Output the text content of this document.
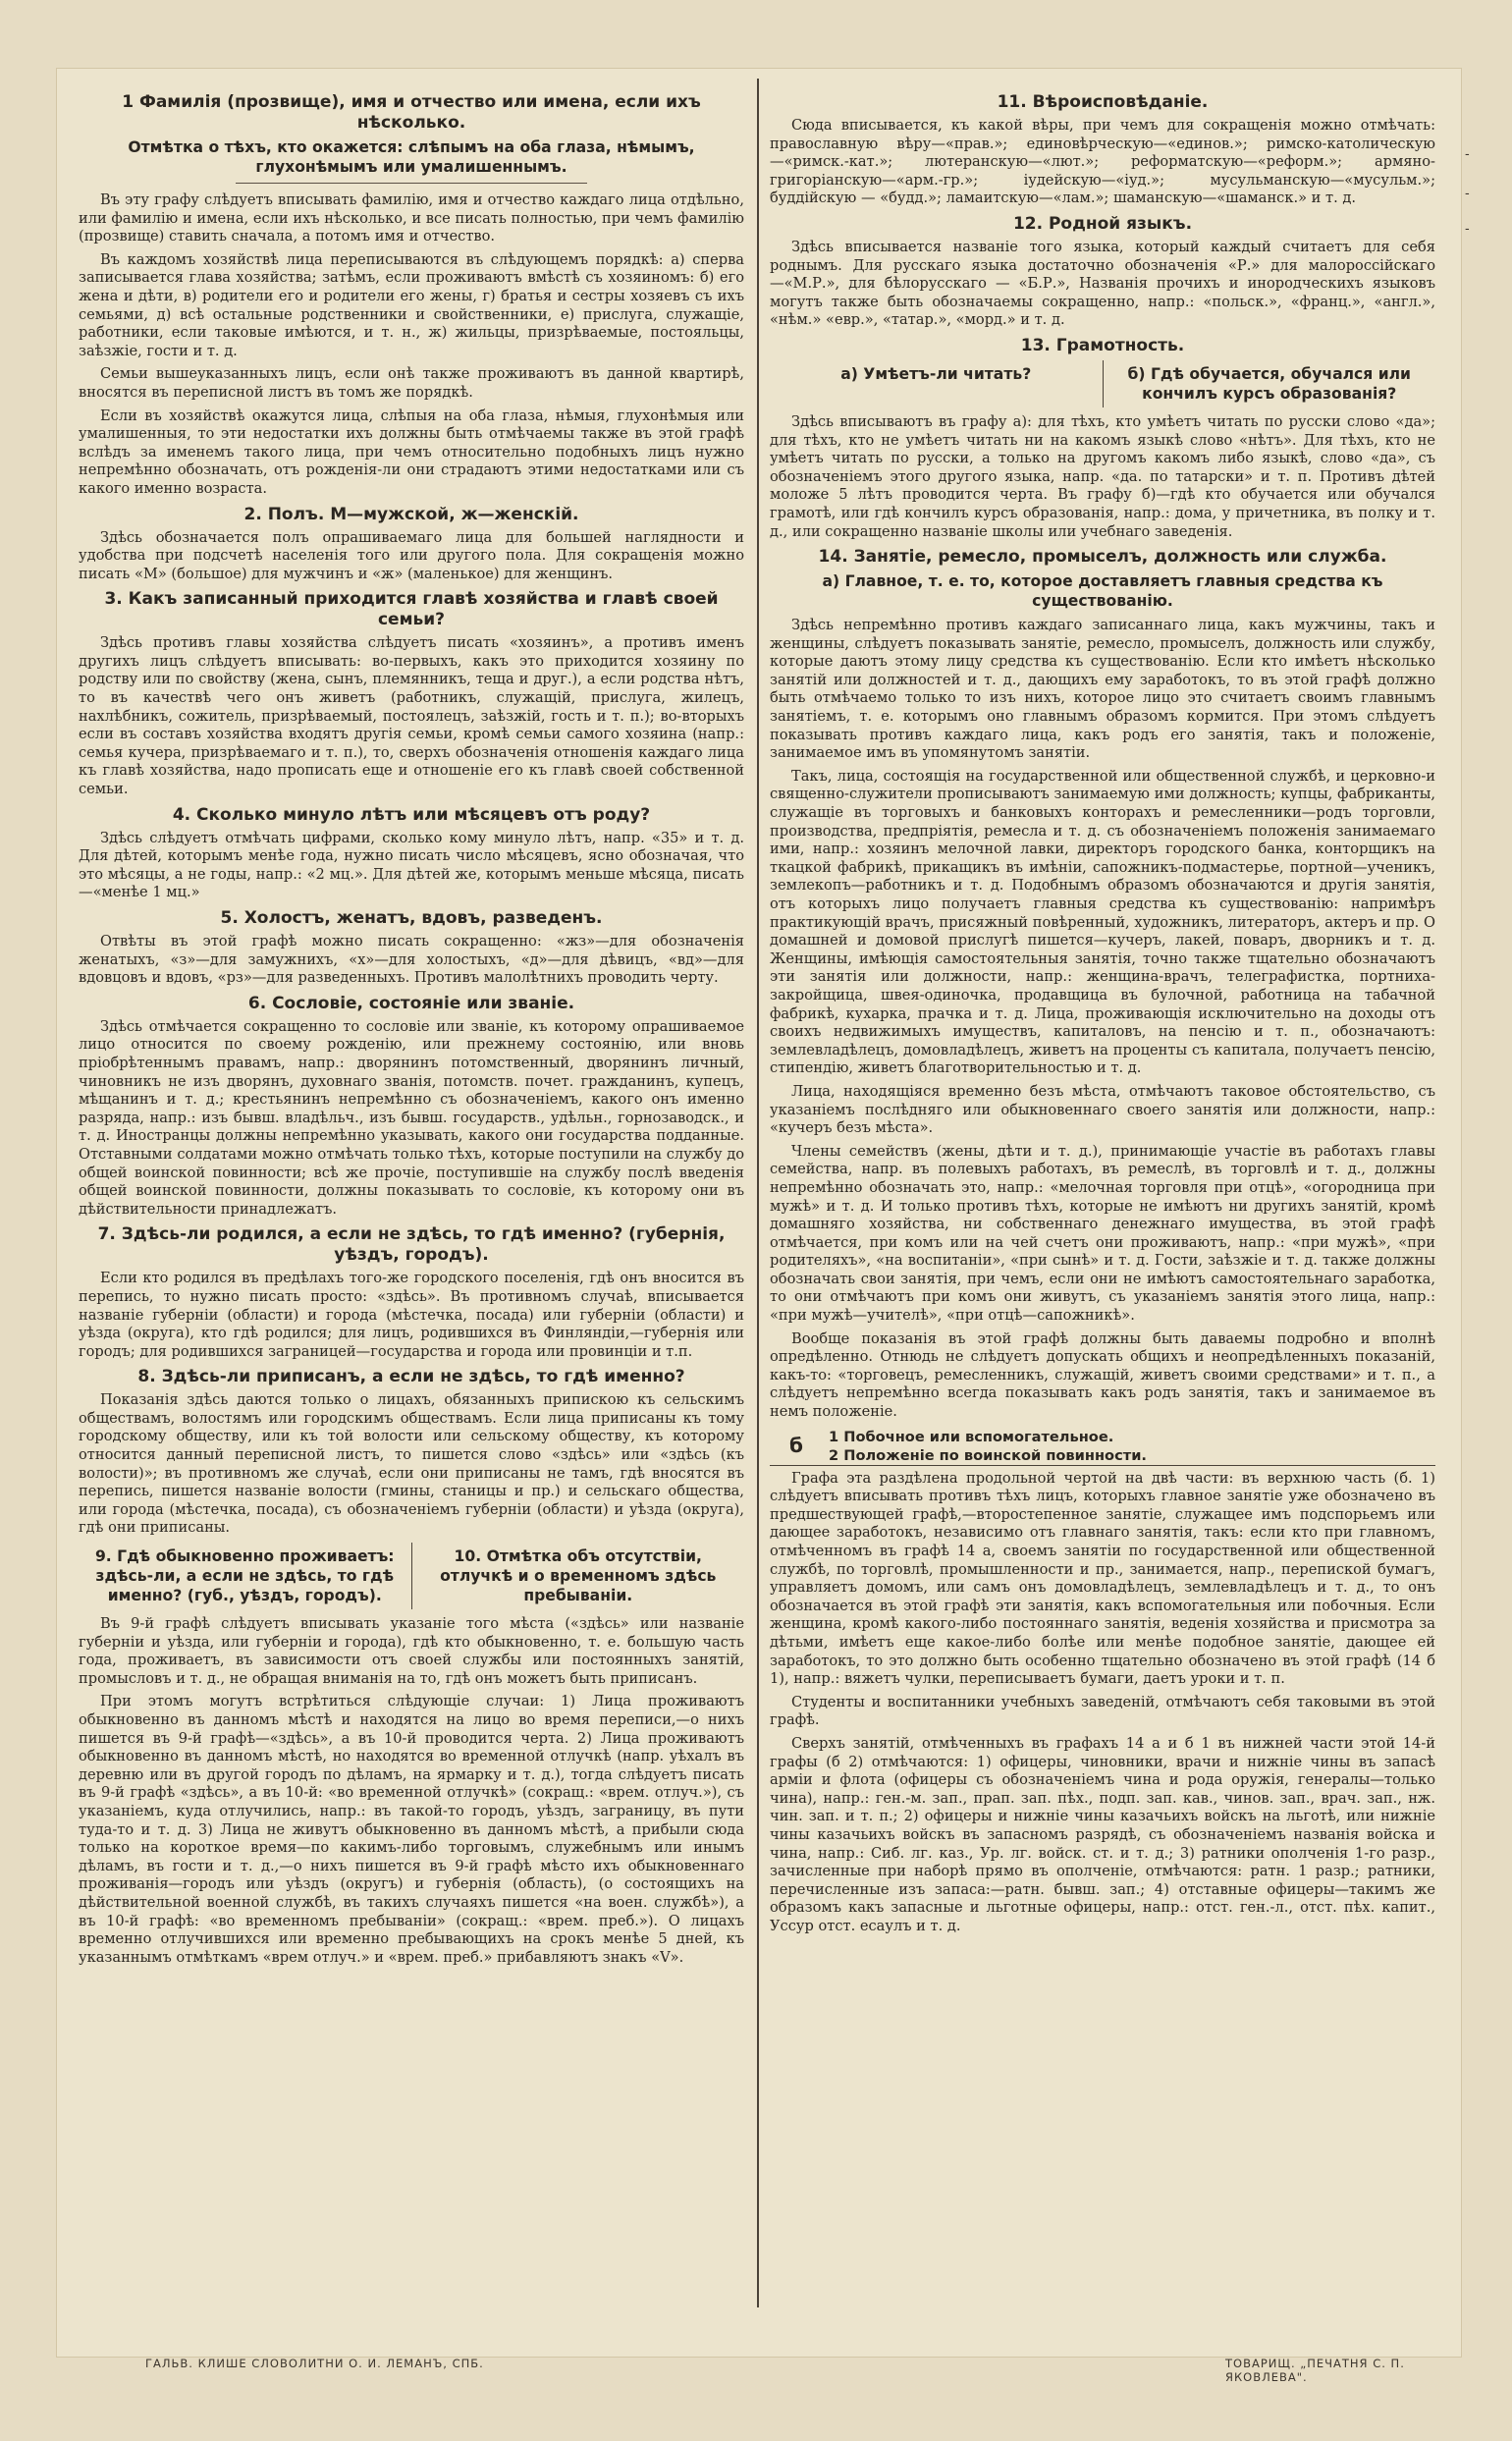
1 Фамилія (прозвище), имя и отчество или имена, если ихъ нѣсколько.
Отмѣтка о тѣхъ, кто окажется: слѣпымъ на оба глаза, нѣмымъ, глухонѣмымъ или умалишеннымъ.

Въ эту графу слѣдуетъ вписывать фамилію, имя и отчество каждаго лица отдѣльно, или фамилію и имена, если ихъ нѣсколько, и все писать полностью, при чемъ фамилію (прозвище) ставить сначала, а потомъ имя и отчество.

Въ каждомъ хозяйствѣ лица переписываются въ слѣдующемъ порядкѣ: а) сперва записывается глава хозяйства; затѣмъ, если проживаютъ вмѣстѣ съ хозяиномъ: б) его жена и дѣти, в) родители его и родители его жены, г) братья и сестры хозяевъ съ ихъ семьями, д) всѣ остальные родственники и свойственники, е) прислуга, служащіе, работники, если таковые имѣются, и т. н., ж) жильцы, призрѣваемые, постояльцы, заѣзжіе, гости и т. д.

Семьи вышеуказанныхъ лицъ, если онѣ также проживаютъ въ данной квартирѣ, вносятся въ переписной листъ въ томъ же порядкѣ.

Если въ хозяйствѣ окажутся лица, слѣпыя на оба глаза, нѣмыя, глухонѣмыя или умалишенныя, то эти недостатки ихъ должны быть отмѣчаемы также въ этой графѣ вслѣдъ за именемъ такого лица, при чемъ относительно подобныхъ лицъ нужно непремѣнно обозначать, отъ рожденія-ли они страдаютъ этими недостатками или съ какого именно возраста.

2. Полъ. М—мужской, ж—женскій.

Здѣсь обозначается полъ опрашиваемаго лица для большей наглядности и удобства при подсчетѣ населенія того или другого пола. Для сокращенія можно писать «М» (большое) для мужчинъ и «ж» (маленькое) для женщинъ.

3. Какъ записанный приходится главѣ хозяйства и главѣ своей семьи?

Здѣсь противъ главы хозяйства слѣдуетъ писать «хозяинъ», а противъ именъ другихъ лицъ слѣдуетъ вписывать: во-первыхъ, какъ это приходится хозяину по родству или по свойству (жена, сынъ, племянникъ, теща и друг.), а если родства нѣтъ, то въ качествѣ чего онъ живетъ (работникъ, служащій, прислуга, жилецъ, нахлѣбникъ, сожитель, призрѣваемый, постоялецъ, заѣзжій, гость и т. п.); во-вторыхъ если въ составъ хозяйства входятъ другія семьи, кромѣ семьи самого хозяина (напр.: семья кучера, призрѣваемаго и т. п.), то, сверхъ обозначенія отношенія каждаго лица къ главѣ хозяйства, надо прописать еще и отношеніе его къ главѣ своей собственной семьи.

4. Сколько минуло лѣтъ или мѣсяцевъ отъ роду?

Здѣсь слѣдуетъ отмѣчать цифрами, сколько кому минуло лѣтъ, напр. «35» и т. д. Для дѣтей, которымъ менѣе года, нужно писать число мѣсяцевъ, ясно обозначая, что это мѣсяцы, а не годы, напр.: «2 мц.». Для дѣтей же, которымъ меньше мѣсяца, писать—«менѣе 1 мц.»

5. Холостъ, женатъ, вдовъ, разведенъ.

Отвѣты въ этой графѣ можно писать сокращенно: «жз»—для обозначенія женатыхъ, «з»—для замужнихъ, «х»—для холостыхъ, «д»—для дѣвицъ, «вд»—для вдовцовъ и вдовъ, «рз»—для разведенныхъ. Противъ малолѣтнихъ проводить черту.

6. Сословіе, состояніе или званіе.

Здѣсь отмѣчается сокращенно то сословіе или званіе, къ которому опрашиваемое лицо относится по своему рожденію, или прежнему состоянію, или вновь пріобрѣтеннымъ правамъ, напр.: дворянинъ потомственный, дворянинъ личный, чиновникъ не изъ дворянъ, духовнаго званія, потомств. почет. гражданинъ, купецъ, мѣщанинъ и т. д.; крестьянинъ непремѣнно съ обозначеніемъ, какого онъ именно разряда, напр.: изъ бывш. владѣльч., изъ бывш. государств., удѣльн., горнозаводск., и т. д. Иностранцы должны непремѣнно указывать, какого они государства подданные. Отставными солдатами можно отмѣчать только тѣхъ, которые поступили на службу до общей воинской повинности; всѣ же прочіе, поступившіе на службу послѣ введенія общей воинской повинности, должны показывать то сословіе, къ которому они въ дѣйствительности принадлежатъ.

7. Здѣсь-ли родился, а если не здѣсь, то гдѣ именно? (губернія, уѣздъ, городъ).

Если кто родился въ предѣлахъ того-же городского поселенія, гдѣ онъ вносится въ перепись, то нужно писать просто: «здѣсь». Въ противномъ случаѣ, вписывается названіе губерніи (области) и города (мѣстечка, посада) или губерніи (области) и уѣзда (округа), кто гдѣ родился; для лицъ, родившихся въ Финляндіи,—губернія или городъ; для родившихся заграницей—государства и города или провинціи и т.п.

8. Здѣсь-ли приписанъ, а если не здѣсь, то гдѣ именно?

Показанія здѣсь даются только о лицахъ, обязанныхъ припискою къ сельскимъ обществамъ, волостямъ или городскимъ обществамъ. Если лица приписаны къ тому городскому обществу, или къ той волости или сельскому обществу, къ которому относится данный переписной листъ, то пишется слово «здѣсь» или «здѣсь (къ волости)»; въ противномъ же случаѣ, если они приписаны не тамъ, гдѣ вносятся въ перепись, пишется названіе волости (гмины, станицы и пр.) и сельскаго общества, или города (мѣстечка, посада), съ обозначеніемъ губерніи (области) и уѣзда (округа), гдѣ они приписаны.

9. Гдѣ обыкновенно проживаетъ: здѣсь-ли, а если не здѣсь, то гдѣ именно? (губ., уѣздъ, городъ).
10. Отмѣтка объ отсутствіи, отлучкѣ и о временномъ здѣсь пребываніи.

Въ 9-й графѣ слѣдуетъ вписывать указаніе того мѣста («здѣсь» или названіе губерніи и уѣзда, или губерніи и города), гдѣ кто обыкновенно, т. е. большую часть года, проживаетъ, въ зависимости отъ своей службы или постоянныхъ занятій, промысловъ и т. д., не обращая вниманія на то, гдѣ онъ можетъ быть приписанъ.

При этомъ могутъ встрѣтиться слѣдующіе случаи: 1) Лица проживаютъ обыкновенно въ данномъ мѣстѣ и находятся на лицо во время переписи,—о нихъ пишется въ 9-й графѣ—«здѣсь», а въ 10-й проводится черта. 2) Лица проживаютъ обыкновенно въ данномъ мѣстѣ, но находятся во временной отлучкѣ (напр. уѣхалъ въ деревню или въ другой городъ по дѣламъ, на ярмарку и т. д.), тогда слѣдуетъ писать въ 9-й графѣ «здѣсь», а въ 10-й: «во временной отлучкѣ» (сокращ.: «врем. отлуч.»), съ указаніемъ, куда отлучились, напр.: въ такой-то городъ, уѣздъ, заграницу, въ пути туда-то и т. д. 3) Лица не живутъ обыкновенно въ данномъ мѣстѣ, а прибыли сюда только на короткое время—по какимъ-либо торговымъ, служебнымъ или инымъ дѣламъ, въ гости и т. д.,—о нихъ пишется въ 9-й графѣ мѣсто ихъ обыкновеннаго проживанія—городъ или уѣздъ (округъ) и губернія (область), (о состоящихъ на дѣйствительной военной службѣ, въ такихъ случаяхъ пишется «на воен. службѣ»), а въ 10-й графѣ: «во временномъ пребываніи» (сокращ.: «врем. преб.»). О лицахъ временно отлучившихся или временно пребывающихъ на срокъ менѣе 5 дней, къ указаннымъ отмѣткамъ «врем отлуч.» и «врем. преб.» прибавляютъ знакъ «V».

11. Вѣроисповѣданіе.

Сюда вписывается, къ какой вѣры, при чемъ для сокращенія можно отмѣчать: православную вѣру—«прав.»; единовѣрческую—«единов.»; римско-католическую—«римск.-кат.»; лютеранскую—«лют.»; реформатскую—«реформ.»; армяно-григоріанскую—«арм.-гр.»; іудейскую—«іуд.»; мусульманскую—«мусульм.»; буддійскую — «будд.»; ламаитскую—«лам.»; шаманскую—«шаманск.» и т. д.

12. Родной языкъ.

Здѣсь вписывается названіе того языка, который каждый считаетъ для себя роднымъ. Для русскаго языка достаточно обозначенія «Р.» для малороссійскаго—«М.Р.», для бѣлорусскаго — «Б.Р.», Названія прочихъ и инородческихъ языковъ могутъ также быть обозначаемы сокращенно, напр.: «польск.», «франц.», «англ.», «нѣм.» «евр.», «татар.», «морд.» и т. д.

13. Грамотность.
а) Умѣетъ-ли читать?	б) Гдѣ обучается, обучался или кончилъ курсъ образованія?

Здѣсь вписываютъ въ графу а): для тѣхъ, кто умѣетъ читать по русски слово «да»; для тѣхъ, кто не умѣетъ читать ни на какомъ языкѣ слово «нѣтъ». Для тѣхъ, кто не умѣетъ читать по русски, а только на другомъ какомъ либо языкѣ, слово «да», съ обозначеніемъ этого другого языка, напр. «да. по татарски» и т. п. Противъ дѣтей моложе 5 лѣтъ проводится черта. Въ графу б)—гдѣ кто обучается или обучался грамотѣ, или гдѣ кончилъ курсъ образованія, напр.: дома, у причетника, въ полку и т. д., или сокращенно названіе школы или учебнаго заведенія.

14. Занятіе, ремесло, промыселъ, должность или служба.
а) Главное, т. е. то, которое доставляетъ главныя средства къ существованію.

Здѣсь непремѣнно противъ каждаго записаннаго лица, какъ мужчины, такъ и женщины, слѣдуетъ показывать занятіе, ремесло, промыселъ, должность или службу, которые даютъ этому лицу средства къ существованію. Если кто имѣетъ нѣсколько занятій или должностей и т. д., дающихъ ему заработокъ, то въ этой графѣ должно быть отмѣчаемо только то изъ нихъ, которое лицо это считаетъ своимъ главнымъ занятіемъ, т. е. которымъ оно главнымъ образомъ кормится. При этомъ слѣдуетъ показывать противъ каждаго лица, какъ родъ его занятія, такъ и положеніе, занимаемое имъ въ упомянутомъ занятіи.

Такъ, лица, состоящія на государственной или общественной службѣ, и церковно-и священно-служители прописываютъ занимаемую ими должность; купцы, фабриканты, служащіе въ торговыхъ и банковыхъ конторахъ и ремесленники—родъ торговли, производства, предпріятія, ремесла и т. д. съ обозначеніемъ положенія занимаемаго ими, напр.: хозяинъ мелочной лавки, директоръ городского банка, конторщикъ на ткацкой фабрикѣ, прикащикъ въ имѣніи, сапожникъ-подмастерье, портной—ученикъ, землекопъ—работникъ и т. д. Подобнымъ образомъ обозначаются и другія занятія, отъ которыхъ лицо получаетъ главныя средства къ существованію: напримѣръ практикующій врачъ, присяжный повѣренный, художникъ, литераторъ, актеръ и пр. О домашней и домовой прислугѣ пишется—кучеръ, лакей, поваръ, дворникъ и т. д. Женщины, имѣющія самостоятельныя занятія, точно также тщательно обозначаютъ эти занятія или должности, напр.: женщина-врачъ, телеграфистка, портниха-закройщица, швея-одиночка, продавщица въ булочной, работница на табачной фабрикѣ, кухарка, прачка и т. д. Лица, проживающія исключительно на доходы отъ своихъ недвижимыхъ имуществъ, капиталовъ, на пенсію и т. п., обозначаютъ: землевладѣлецъ, домовладѣлецъ, живетъ на проценты съ капитала, получаетъ пенсію, стипендію, живетъ благотворительностью и т. д.

Лица, находящіяся временно безъ мѣста, отмѣчаютъ таковое обстоятельство, съ указаніемъ послѣдняго или обыкновеннаго своего занятія или должности, напр.: «кучеръ безъ мѣста».

Члены семействъ (жены, дѣти и т. д.), принимающіе участіе въ работахъ главы семейства, напр. въ полевыхъ работахъ, въ ремеслѣ, въ торговлѣ и т. д., должны непремѣнно обозначать это, напр.: «мелочная торговля при отцѣ», «огородница при мужѣ» и т. д. И только противъ тѣхъ, которые не имѣютъ ни другихъ занятій, кромѣ домашняго хозяйства, ни собственнаго денежнаго имущества, въ этой графѣ отмѣчается, при комъ или на чей счетъ они проживаютъ, напр.: «при мужѣ», «при родителяхъ», «на воспитаніи», «при сынѣ» и т. д. Гости, заѣзжіе и т. д. также должны обозначать свои занятія, при чемъ, если они не имѣютъ самостоятельнаго заработка, то они отмѣчаютъ при комъ они живутъ, съ указаніемъ занятія этого лица, напр.: «при мужѣ—учителѣ», «при отцѣ—сапожникѣ».

Вообще показанія въ этой графѣ должны быть даваемы подробно и вполнѣ опредѣленно. Отнюдь не слѣдуетъ допускать общихъ и неопредѣленныхъ показаній, какъ-то: «торговецъ, ремесленникъ, служащій, живетъ своими средствами» и т. п., а слѣдуетъ непремѣнно всегда показывать какъ родъ занятія, такъ и занимаемое въ немъ положеніе.

б	1 Побочное или вспомогательное.
2 Положеніе по воинской повинности.

Графа эта раздѣлена продольной чертой на двѣ части: въ верхнюю часть (б. 1) слѣдуетъ вписывать противъ тѣхъ лицъ, которыхъ главное занятіе уже обозначено въ предшествующей графѣ,—второстепенное занятіе, служащее имъ подспорьемъ или дающее заработокъ, независимо отъ главнаго занятія, такъ: если кто при главномъ, отмѣченномъ въ графѣ 14 а, своемъ занятіи по государственной или общественной службѣ, по торговлѣ, промышленности и пр., занимается, напр., перепиской бумагъ, управляетъ домомъ, или самъ онъ домовладѣлецъ, землевладѣлецъ и т. д., то онъ обозначается въ этой графѣ эти занятія, какъ вспомогательныя или побочныя. Если женщина, кромѣ какого-либо постояннаго занятія, веденія хозяйства и присмотра за дѣтьми, имѣетъ еще какое-либо болѣе или менѣе подобное занятіе, дающее ей заработокъ, то это должно быть особенно тщательно обозначено въ этой графѣ (14 б 1), напр.: вяжетъ чулки, переписываетъ бумаги, даетъ уроки и т. п.

Студенты и воспитанники учебныхъ заведеній, отмѣчаютъ себя таковыми въ этой графѣ.

Сверхъ занятій, отмѣченныхъ въ графахъ 14 а и б 1 въ нижней части этой 14-й графы (б 2) отмѣчаются: 1) офицеры, чиновники, врачи и нижніе чины въ запасѣ арміи и флота (офицеры съ обозначеніемъ чина и рода оружія, генералы—только чина), напр.: ген.-м. зап., прап. зап. пѣх., подп. зап. кав., чинов. зап., врач. зап., нж. чин. зап. и т. п.; 2) офицеры и нижніе чины казачьихъ войскъ на льготѣ, или нижніе чины казачьихъ войскъ въ запасномъ разрядѣ, съ обозначеніемъ названія войска и чина, напр.: Сиб. лг. каз., Ур. лг. войск. ст. и т. д.; 3) ратники ополченія 1-го разр., зачисленные при наборѣ прямо въ ополченіе, отмѣчаются: ратн. 1 разр.; ратники, перечисленные изъ запаса:—ратн. бывш. зап.; 4) отставные офицеры—такимъ же образомъ какъ запасные и льготные офицеры, напр.: отст. ген.-л., отст. пѣх. капит., Уссур отст. есаулъ и т. д.

ГАЛЬВ. КЛИШЕ СЛОВОЛИТНИ О. И. ЛЕМАНЪ, СПБ.	ТОВАРИЩ. „ПЕЧАТНЯ С. П. ЯКОВЛЕВА".
-
-
-
